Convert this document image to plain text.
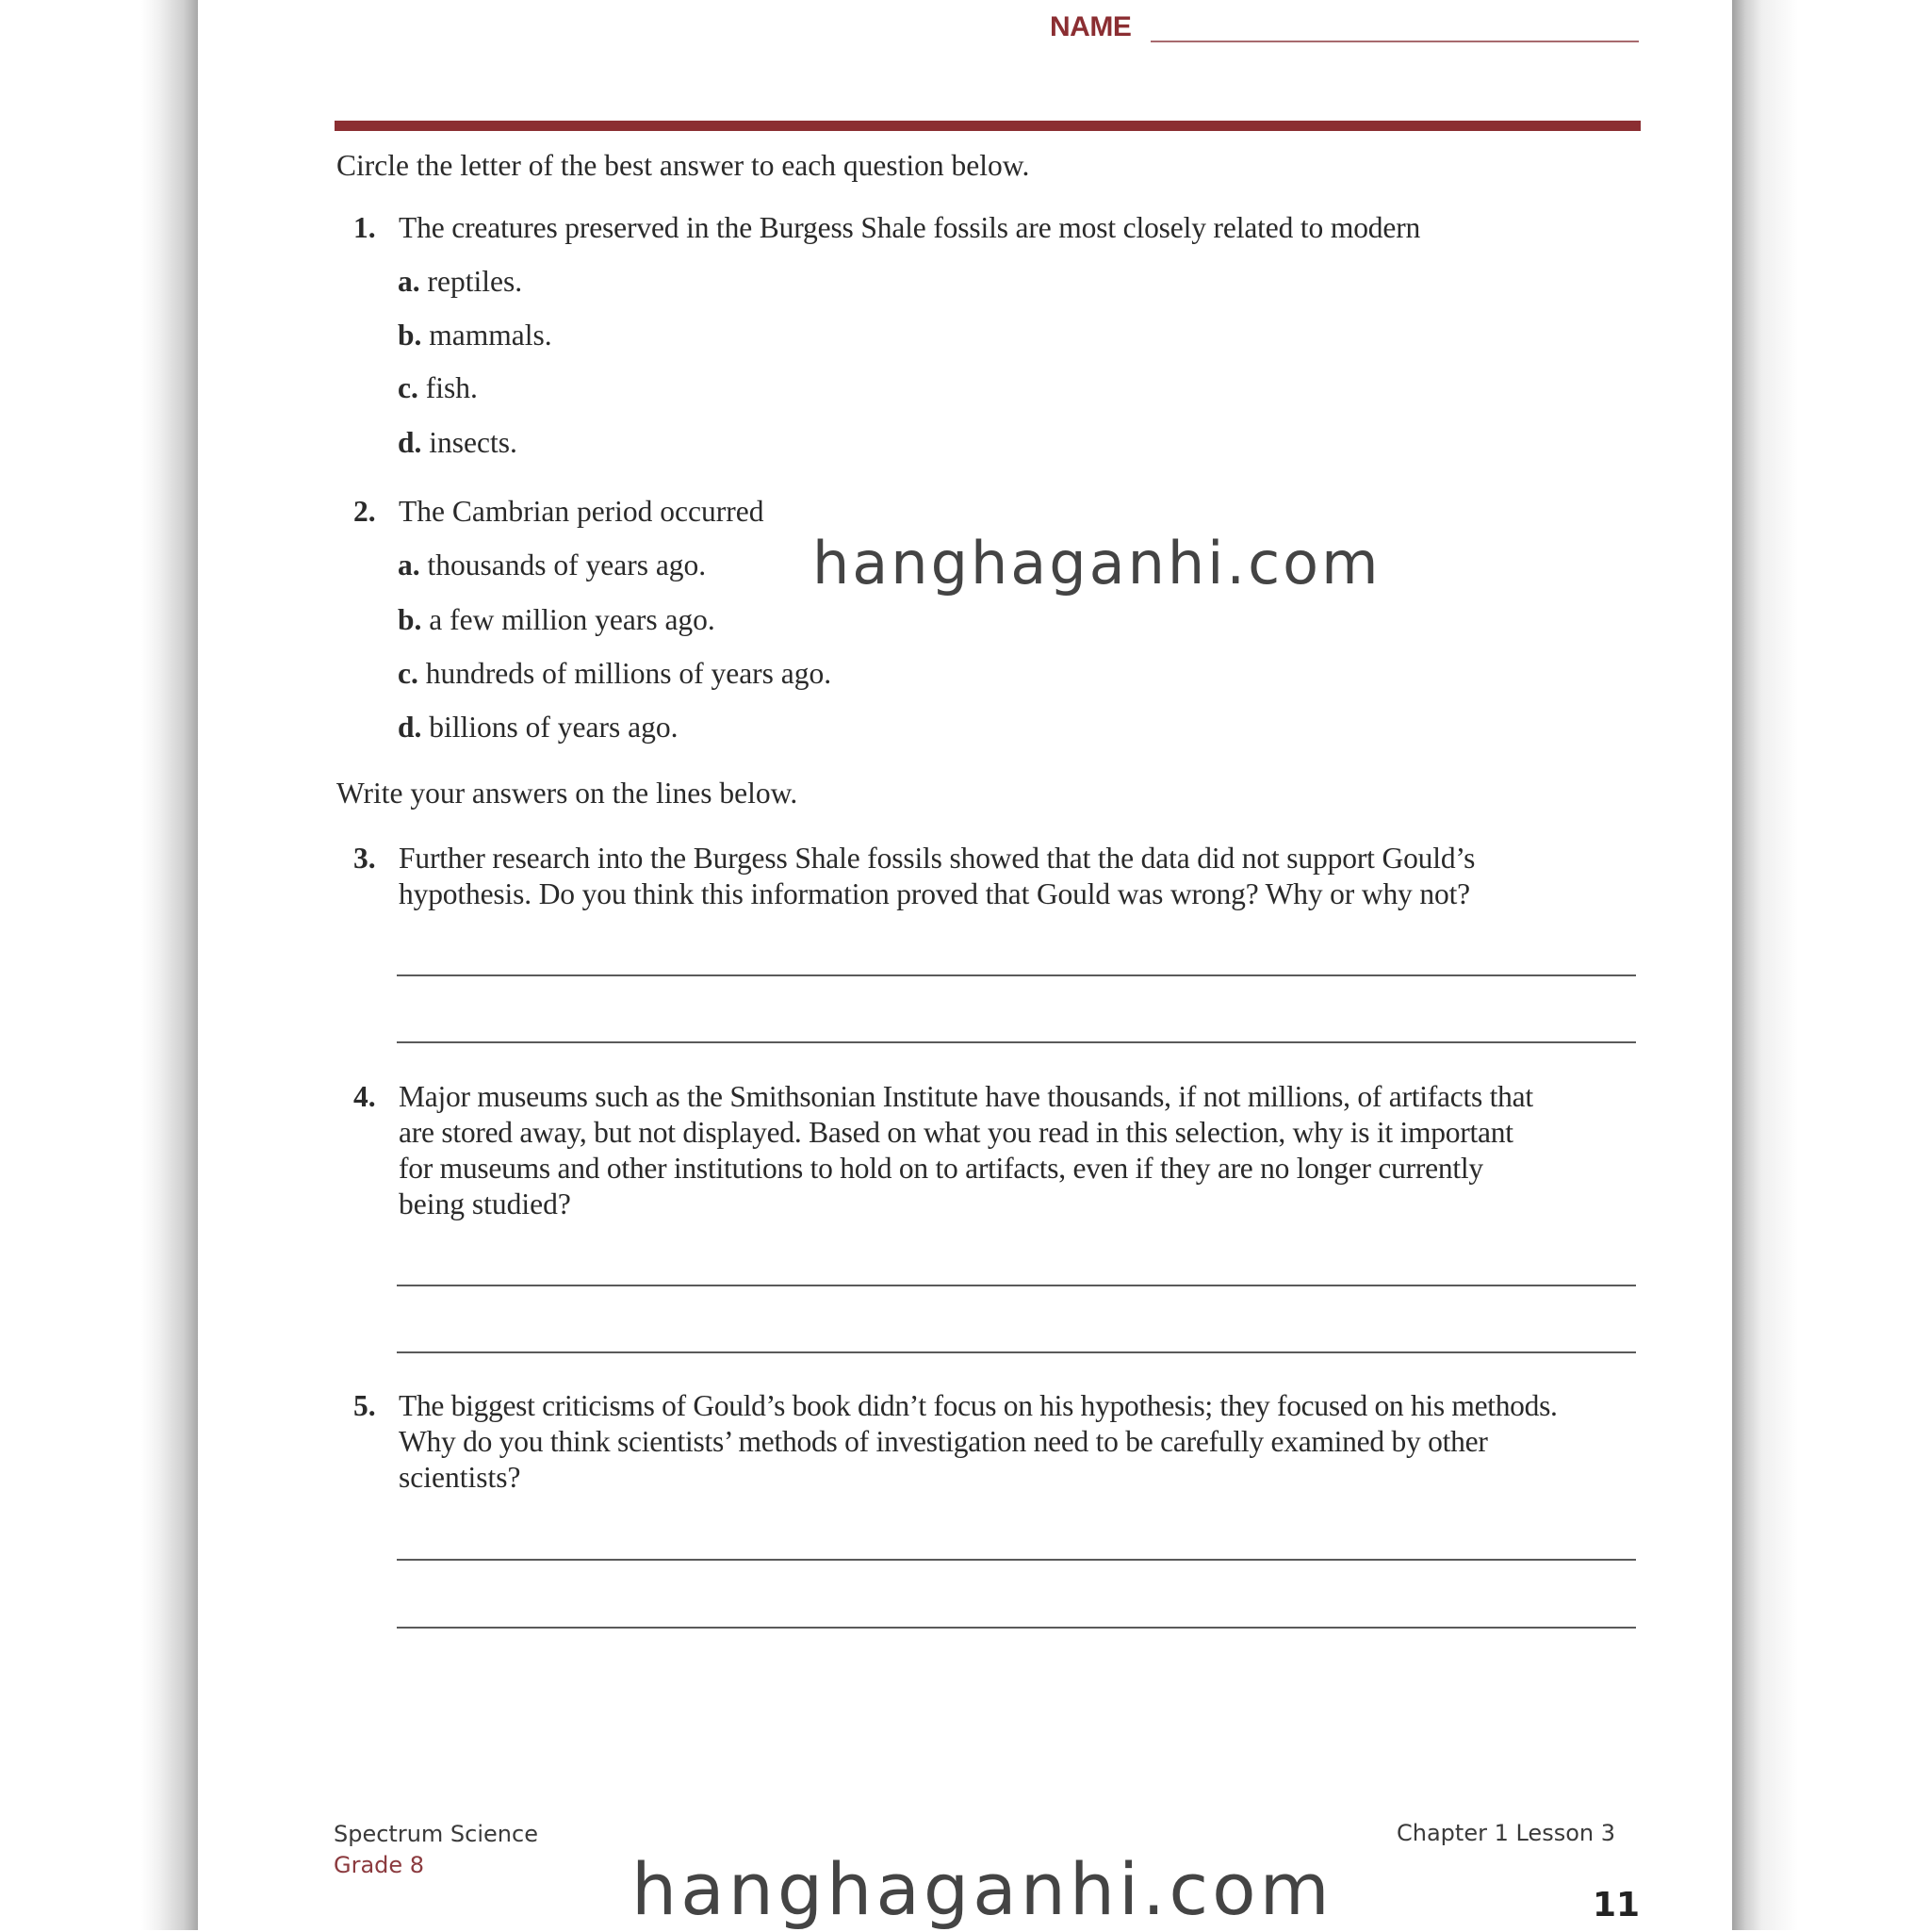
NAME
Circle the letter of the best answer to each question below.
1. The creatures preserved in the Burgess Shale fossils are most closely related to modern
a. reptiles.
b. mammals.
c. fish.
d. insects.
2. The Cambrian period occurred
a. thousands of years ago.
b. a few million years ago.
c. hundreds of millions of years ago.
d. billions of years ago.
hanghaganhi.com
Write your answers on the lines below.
3. Further research into the Burgess Shale fossils showed that the data did not support Gould’s
hypothesis. Do you think this information proved that Gould was wrong? Why or why not?
4. Major museums such as the Smithsonian Institute have thousands, if not millions, of artifacts that
are stored away, but not displayed. Based on what you read in this selection, why is it important
for museums and other institutions to hold on to artifacts, even if they are no longer currently
being studied?
5. The biggest criticisms of Gould’s book didn’t focus on his hypothesis; they focused on his methods.
Why do you think scientists’ methods of investigation need to be carefully examined by other
scientists?
Spectrum Science
Grade 8
Chapter 1 Lesson 3
11
hanghaganhi.com
